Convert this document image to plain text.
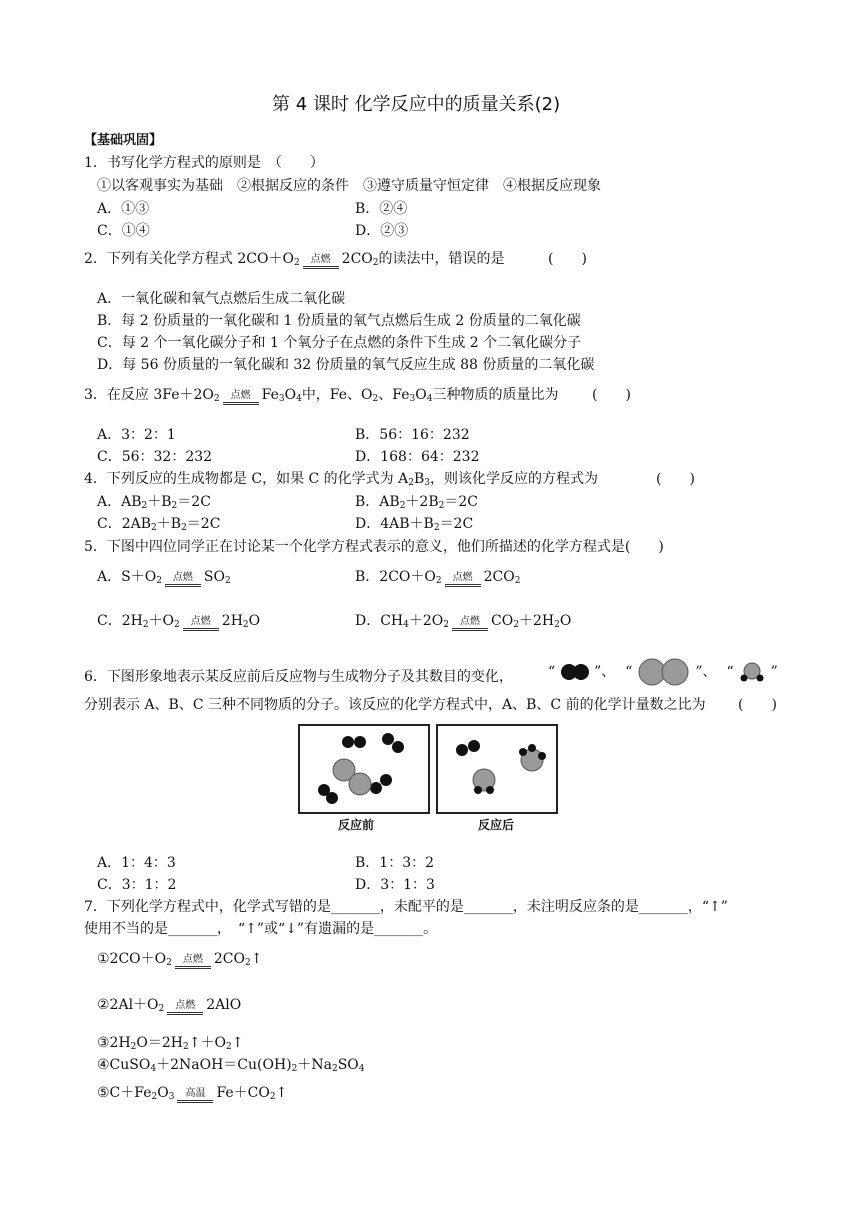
第 4 课时 化学反应中的质量关系(2)
【基础巩固】
1．书写化学方程式的原则是　（　　）
①以客观事实为基础　②根据反应的条件　③遵守质量守恒定律　④根据反应现象
A．①③	B．②④
C．①④	D．②③
2．下列有关化学方程式 $2CO+O_2$	点燃 $2CO_2$的读法中，错误的是	(　　)
A．一氧化碳和氧气点燃后生成二氧化碳
B．每 2 份质量的一氧化碳和 1 份质量的氧气点燃后生成 2 份质量的二氧化碳
C．每 2 个一氧化碳分子和 1 个氧分子在点燃的条件下生成 2 个二氧化碳分子
D．每 56 份质量的一氧化碳和 32 份质量的氧气反应生成 88 份质量的二氧化碳
3．在反应 $3Fe+2O_2$	点燃 $Fe_3O_4$中，Fe、$O_2$、$Fe_3O_4$三种物质的质量比为 (　　)
A．3：2：1	B．56：16：232
C．56：32：232	D．168：64：232
4．下列反应的生成物都是 C，如果 C 的化学式为 $A_2B_3$，则该化学反应的方程式为	(　　)
A．$AB_2+B_2=2C$	B．$AB_2+2B_2=2C$
C．$2AB_2+B_2=2C$	D．$4AB+B_2=2C$
5．下图中四位同学正在讨论某一个化学方程式表示的意义，他们所描述的化学方程式是(　　)
A．$S+O_2$	点燃 $SO_2$	B．$2CO+O_2$	点燃 $2CO_2$
C．$2H_2+O_2$	点燃 $2H_2O$	D．$CH_4+2O_2$	点燃 $CO_2+2H_2O$
6．下图形象地表示某反应前后反应物与生成物分子及其数目的变化，	“	”、 “	”、 “	”
分别表示 A、B、C 三种不同物质的分子。该反应的化学方程式中，A、B、C 前的化学计量数之比为 (　　)
反应前	反应后
A．1：4：3	B．1：3：2
C．3：1：2	D．3：1：3
7．下列化学方程式中，化学式写错的是_______，未配平的是_______，未注明反应条的是_______，“↑”
使用不当的是_______，　“↑”或“↓”有遗漏的是_______。
$①2CO+O_2$	点燃 $2CO_2↑$
$②2Al+O_2$	点燃 2AlO
$③2H_2O=2H_2↑+O_2↑$
$④CuSO_4+2NaOH=Cu(OH)_2+Na_2SO_4$
$⑤C+Fe_2O_3$	高温 $Fe+CO_2↑$
